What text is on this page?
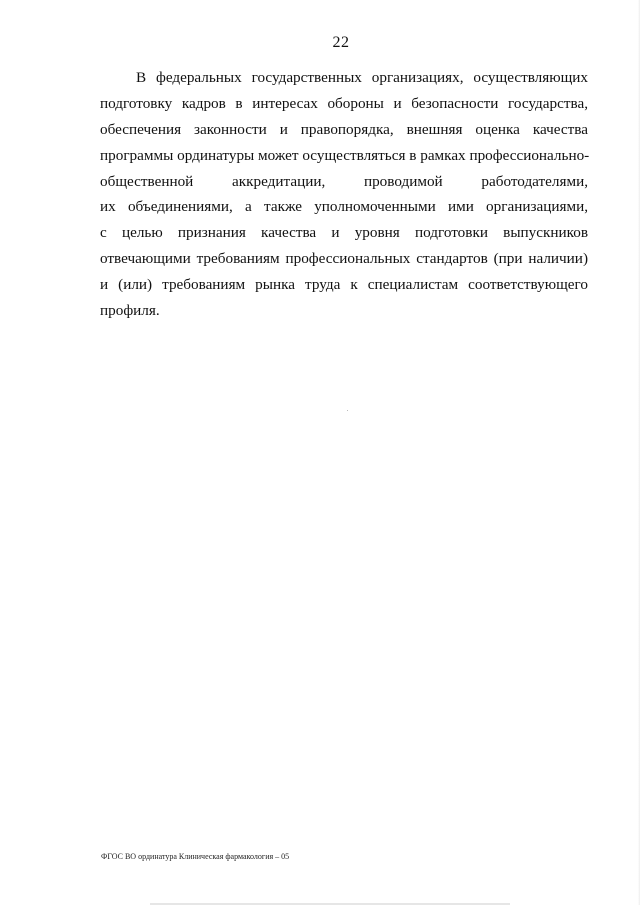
22
В федеральных государственных организациях, осуществляющих
подготовку кадров в интересах обороны и безопасности государства,
обеспечения законности и правопорядка, внешняя оценка качества
программы ординатуры может осуществляться в рамках профессионально-
общественной аккредитации, проводимой работодателями,
их объединениями, а также уполномоченными ими организациями,
с целью признания качества и уровня подготовки выпускников
отвечающими требованиям профессиональных стандартов (при наличии)
и (или) требованиям рынка труда к специалистам соответствующего
профиля.
ФГОС ВО ординатура Клиническая фармакология – 05
